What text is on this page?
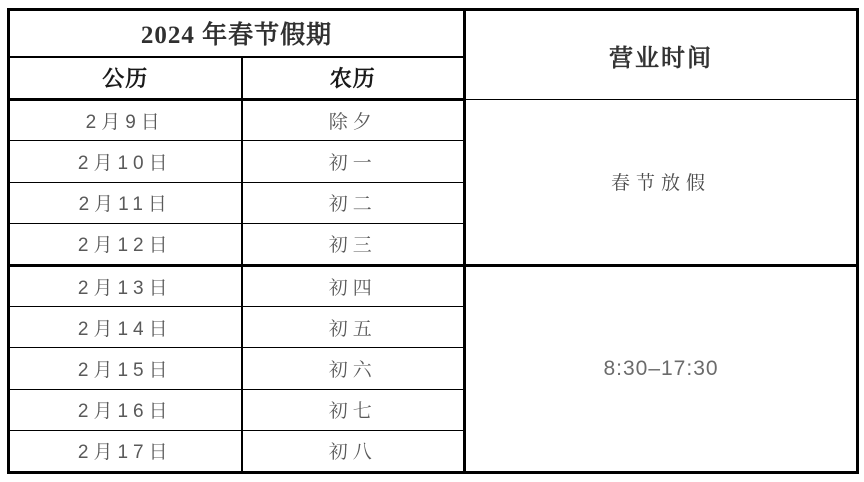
2024 年春节假期		营业时间
公历	农历	
2月9日	除夕	春节放假
2月10日	初一	
2月11日	初二	
2月12日	初三	
2月13日	初四	8:30–17:30
2月14日	初五	
2月15日	初六	
2月16日	初七	
2月17日	初八	
